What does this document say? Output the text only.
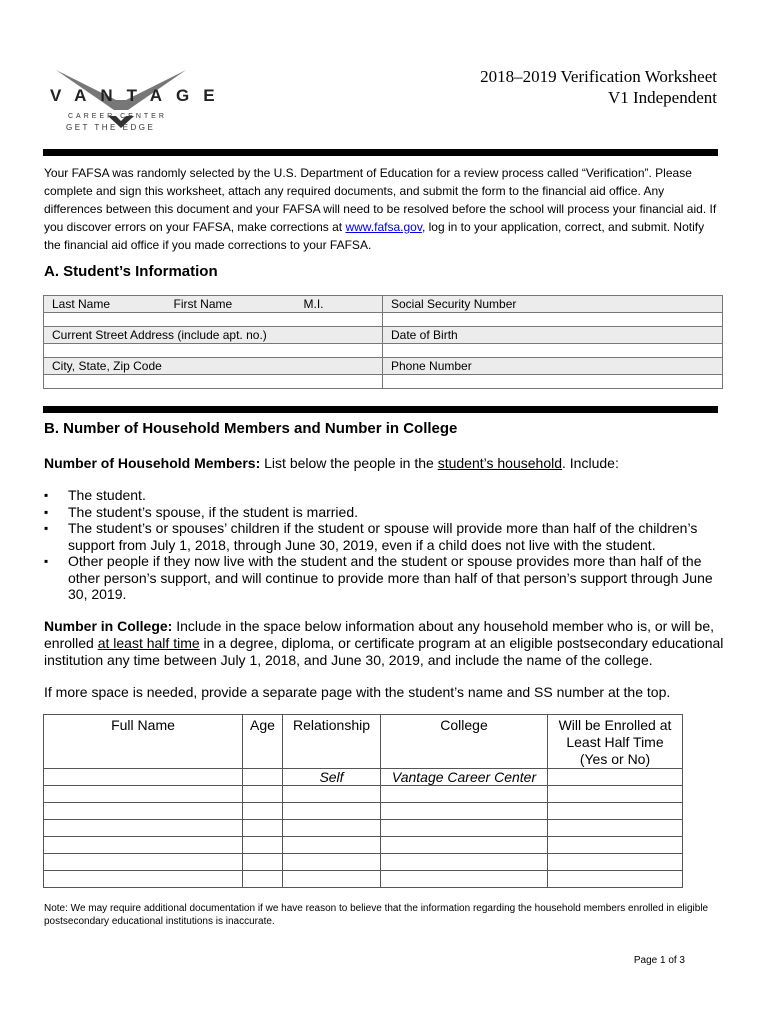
VANTAGE
CAREER CENTER
GET THE EDGE
2018–2019 Verification Worksheet
V1 Independent
Your FAFSA was randomly selected by the U.S. Department of Education for a review process called “Verification”. Please complete and sign this worksheet, attach any required documents, and submit the form to the financial aid office. Any differences between this document and your FAFSA will need to be resolved before the school will process your financial aid. If you discover errors on your FAFSA, make corrections at www.fafsa.gov, log in to your application, correct, and submit. Notify the financial aid office if you made corrections to your FAFSA.
A. Student’s Information
Last Name	First Name	M.I.	Social Security Number

Current Street Address (include apt. no.)			Date of Birth

City, State, Zip Code			Phone Number

B. Number of Household Members and Number in College
Number of Household Members: List below the people in the student’s household. Include:
▪ The student.
▪ The student’s spouse, if the student is married.
▪ The student’s or spouses’ children if the student or spouse will provide more than half of the children’s support from July 1, 2018, through June 30, 2019, even if a child does not live with the student.
▪ Other people if they now live with the student and the student or spouse provides more than half of the other person’s support, and will continue to provide more than half of that person’s support through June 30, 2019.
Number in College: Include in the space below information about any household member who is, or will be, enrolled at least half time in a degree, diploma, or certificate program at an eligible postsecondary educational institution any time between July 1, 2018, and June 30, 2019, and include the name of the college.
If more space is needed, provide a separate page with the student’s name and SS number at the top.
Full Name	Age	Relationship	College	Will be Enrolled at Least Half Time (Yes or No)
		Self	Vantage Career Center	

Note: We may require additional documentation if we have reason to believe that the information regarding the household members enrolled in eligible postsecondary educational institutions is inaccurate.
Page 1 of 3
